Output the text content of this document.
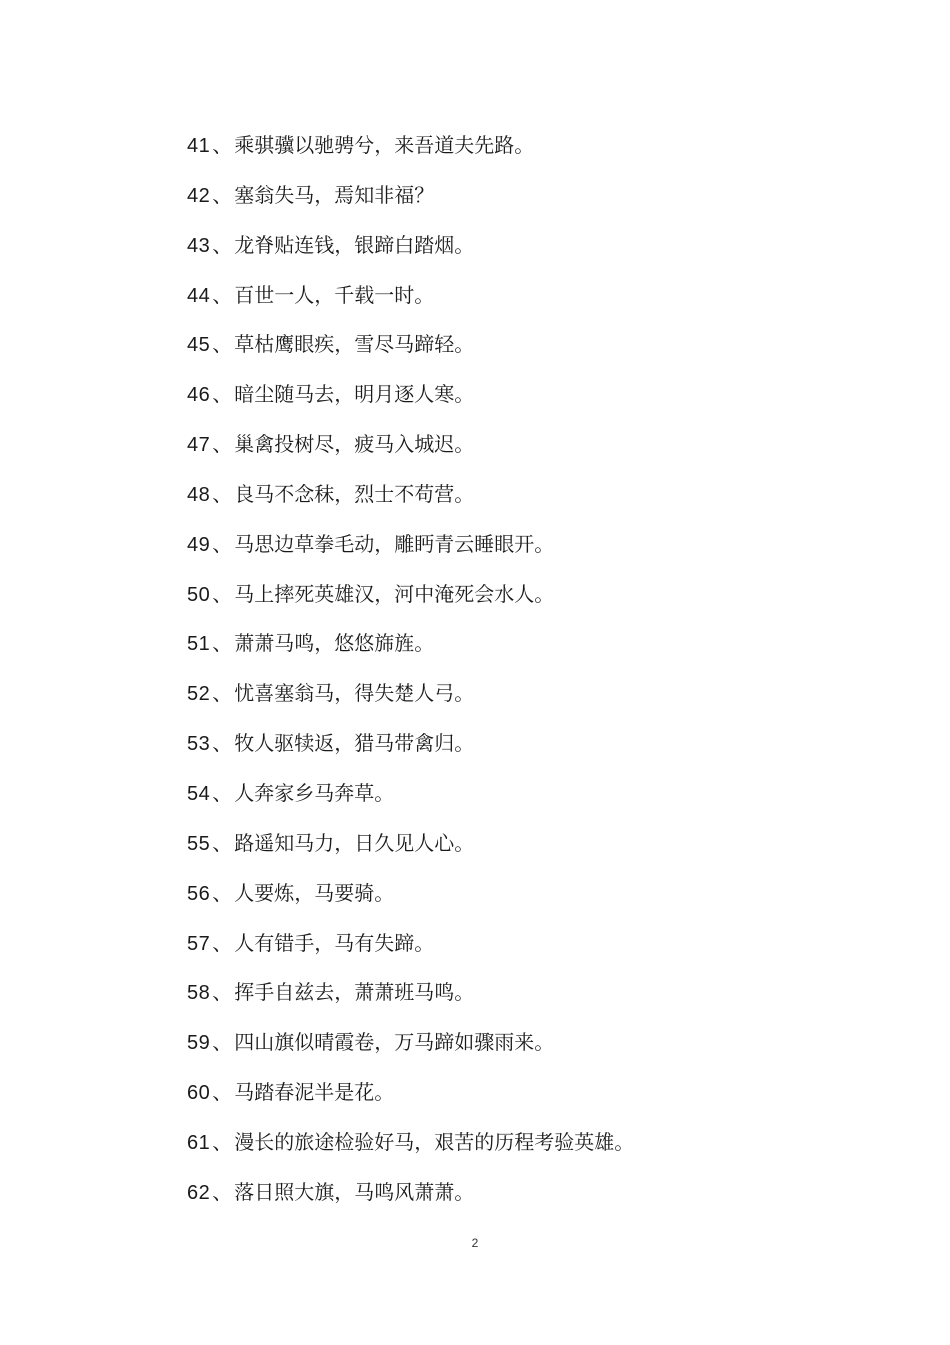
41 、 乘骐骥以驰骋兮，来吾道夫先路。
42 、 塞翁失马，焉知非福？
43 、 龙脊贴连钱，银蹄白踏烟。
44 、 百世一人，千载一时。
45 、 草枯鹰眼疾，雪尽马蹄轻。
46 、 暗尘随马去，明月逐人寒。
47 、 巢禽投树尽，疲马入城迟。
48 、 良马不念秣，烈士不苟营。
49 、 马思边草拳毛动，雕眄青云睡眼开。
50 、 马上摔死英雄汉，河中淹死会水人。
51 、 萧萧马鸣，悠悠旆旌。
52 、 忧喜塞翁马，得失楚人弓。
53 、 牧人驱犊返，猎马带禽归。
54 、 人奔家乡马奔草。
55 、 路遥知马力，日久见人心。
56 、 人要炼，马要骑。
57 、 人有错手，马有失蹄。
58 、 挥手自兹去，萧萧班马鸣。
59 、 四山旗似晴霞卷，万马蹄如骤雨来。
60 、 马踏春泥半是花。
61 、 漫长的旅途检验好马，艰苦的历程考验英雄。
62 、 落日照大旗，马鸣风萧萧。
2
